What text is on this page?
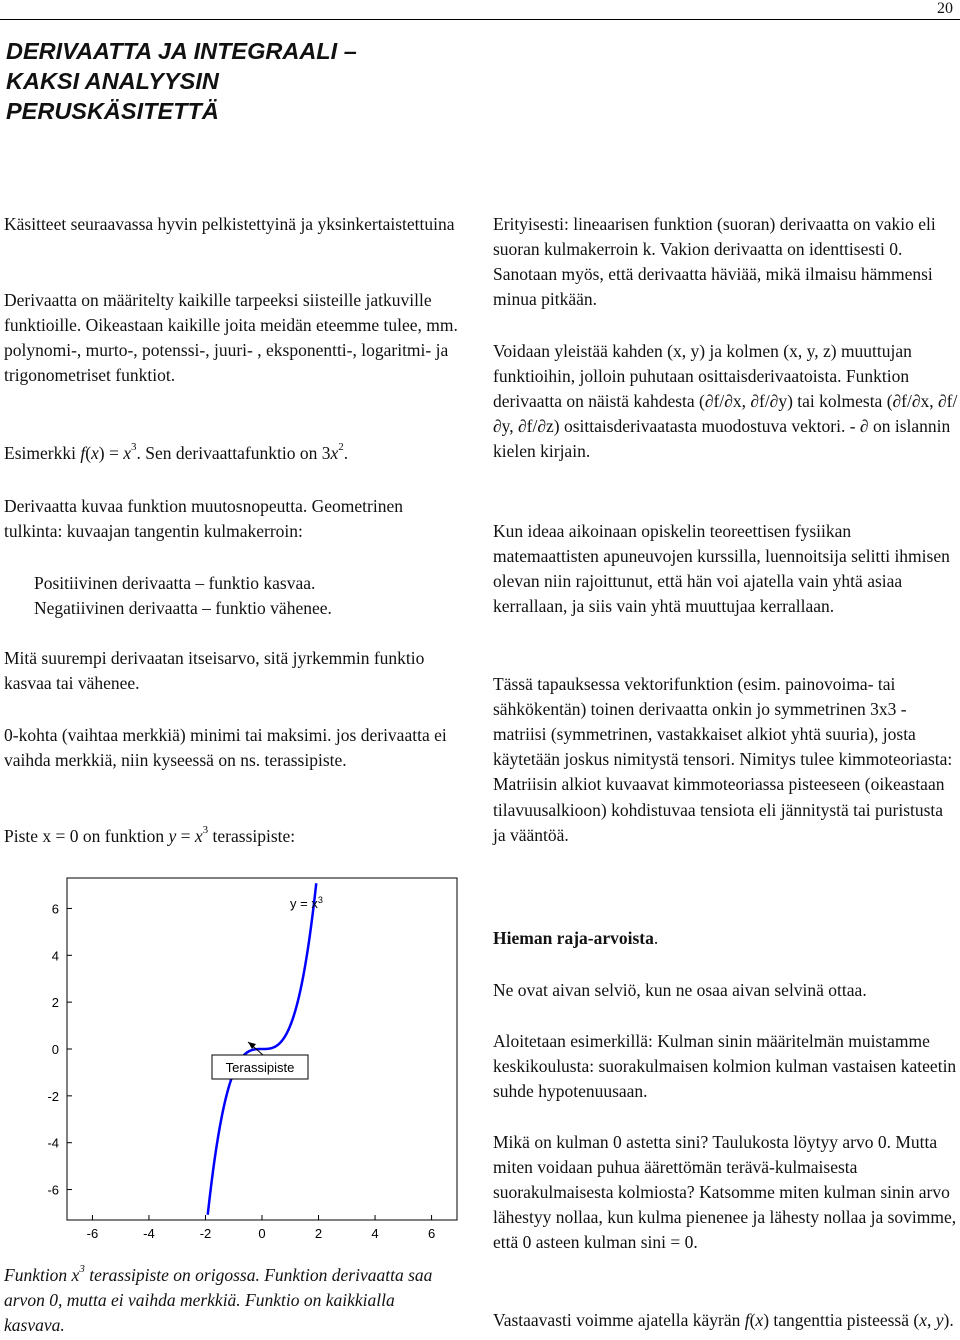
20
DERIVAATTA JA INTEGRAALI –
KAKSI ANALYYSIN
PERUSKÄSITETTÄ

Käsitteet seuraavassa hyvin pelkistettyinä ja yksinkertaistettuina

Derivaatta on määritelty kaikille tarpeeksi siisteille jatkuville funktioille. Oikeastaan kaikille joita meidän eteemme tulee, mm. polynomi-, murto-, potenssi-, juuri- , eksponentti-, logaritmi- ja trigonometriset funktiot.

Esimerkki $f(x) = x^3$. Sen derivaattafunktio on $3x^2$.

Derivaatta kuvaa funktion muutosnopeutta. Geometrinen tulkinta: kuvaajan tangentin kulmakerroin:

Positiivinen derivaatta – funktio kasvaa.

Negatiivinen derivaatta – funktio vähenee.

Mitä suurempi derivaatan itseisarvo, sitä jyrkemmin funktio kasvaa tai vähenee.

0-kohta (vaihtaa merkkiä) minimi tai maksimi. jos derivaatta ei vaihda merkkiä, niin kyseessä on ns. terassipiste.

Piste x = 0 on funktion $y = x^3$ terassipiste:

-6	-4	-2	0	2	4	6
6
4
2
0
-2
-4
-6
$y = x^3$
Terassipiste

Funktion $x^3$ terassipiste on origossa. Funktion derivaatta saa arvon 0, mutta ei vaihda merkkiä. Funktio on kaikkialla kasvava.

Erityisesti: lineaarisen funktion (suoran) derivaatta on vakio eli suoran kulmakerroin k. Vakion derivaatta on identtisesti 0. Sanotaan myös, että derivaatta häviää, mikä ilmaisu hämmensi minua pitkään.

Voidaan yleistää kahden (x, y) ja kolmen (x, y, z) muuttujan funktioihin, jolloin puhutaan osittaisderivaatoista. Funktion derivaatta on näistä kahdesta (∂f/∂x, ∂f/∂y) tai kolmesta (∂f/∂x, ∂f/∂y, ∂f/∂z) osittaisderivaatasta muodostuva vektori. - ∂ on islannin kielen kirjain.

Kun ideaa aikoinaan opiskelin teoreettisen fysiikan matemaattisten apuneuvojen kurssilla, luennoitsija selitti ihmisen olevan niin rajoittunut, että hän voi ajatella vain yhtä asiaa kerrallaan, ja siis vain yhtä muuttujaa kerrallaan.

Tässä tapauksessa vektorifunktion (esim. painovoima- tai sähkökentän) toinen derivaatta onkin jo symmetrinen 3x3 -matriisi (symmetrinen, vastakkaiset alkiot yhtä suuria), josta käytetään joskus nimitystä tensori. Nimitys tulee kimmoteoriasta: Matriisin alkiot kuvaavat kimmoteoriassa pisteeseen (oikeastaan tilavuusalkioon) kohdistuvaa tensiota eli jännitystä tai puristusta ja vääntöä.

Hieman raja-arvoista.

Ne ovat aivan selviö, kun ne osaa aivan selvinä ottaa.

Aloitetaan esimerkillä: Kulman sinin määritelmän muistamme keskikoulusta: suorakulmaisen kolmion kulman vastaisen kateetin suhde hypotenuusaan.

Mikä on kulman 0 astetta sini? Taulukosta löytyy arvo 0. Mutta miten voidaan puhua äärettömän terävä-kulmaisesta suorakulmaisesta kolmiosta? Katsomme miten kulman sinin arvo lähestyy nollaa, kun kulma pienenee ja lähesty nollaa ja sovimme, että 0 asteen kulman sini = 0.

Vastaavasti voimme ajatella käyrän f(x) tangenttia pisteessä (x, y).
